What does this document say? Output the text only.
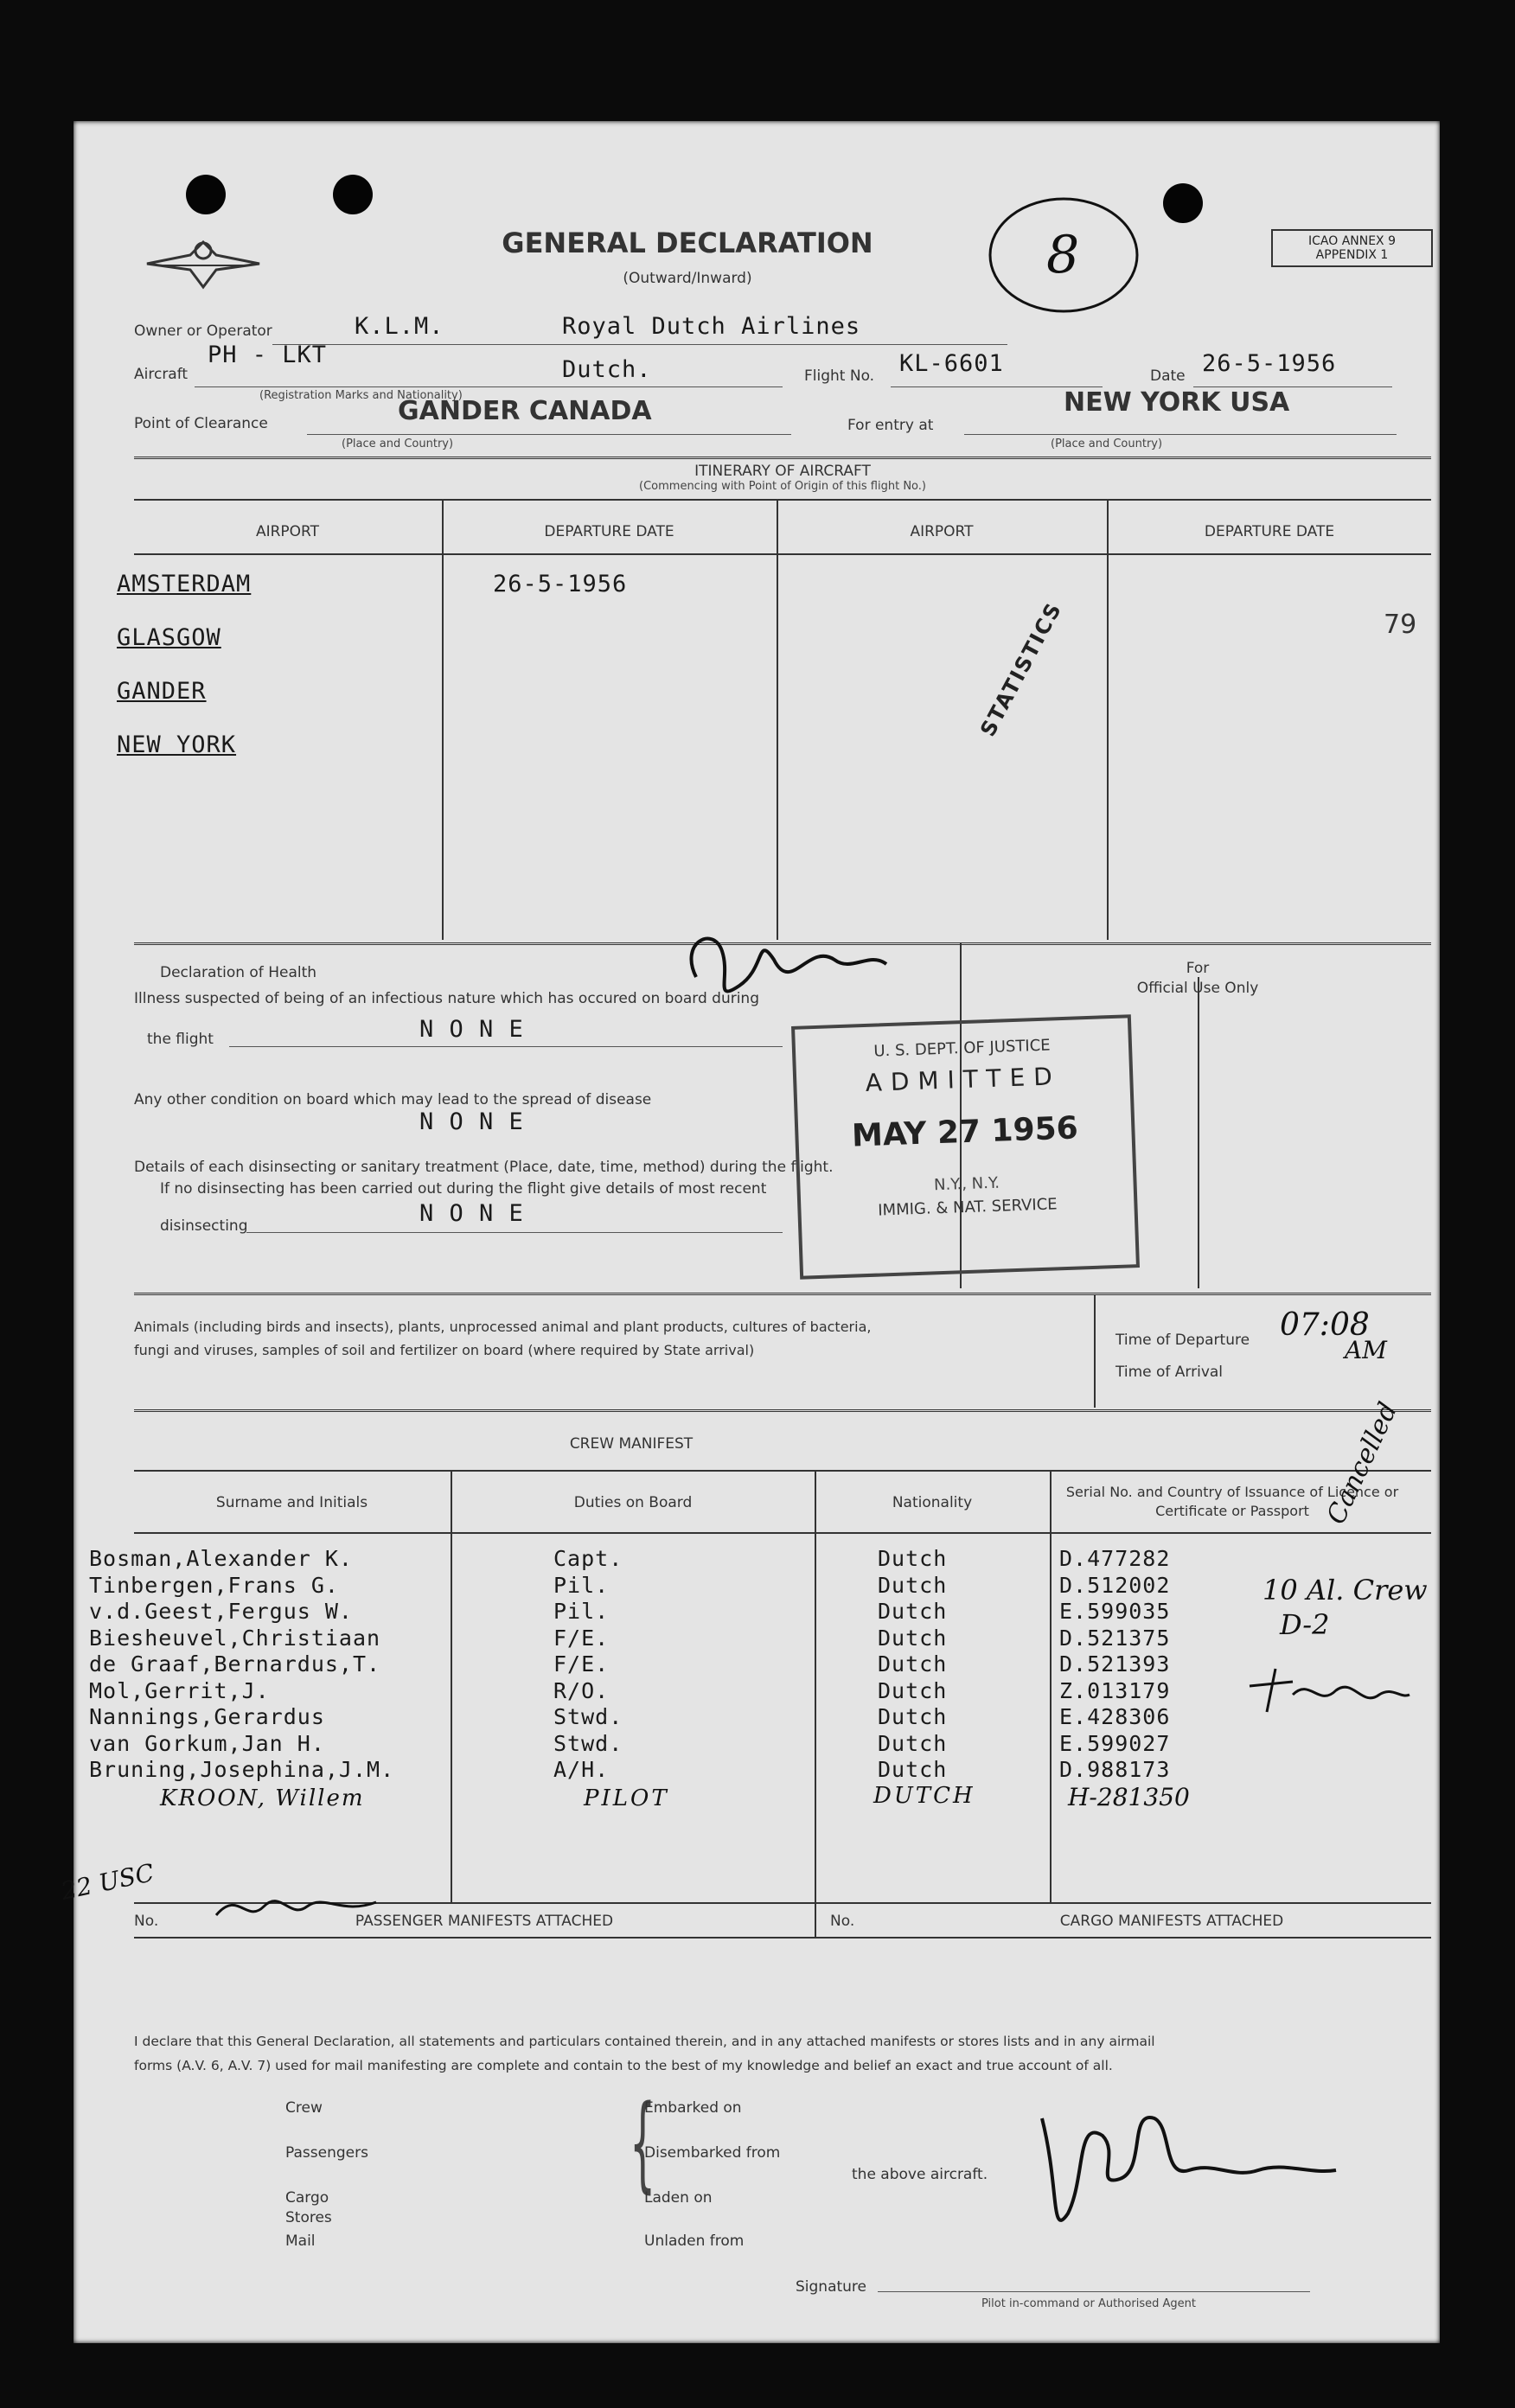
GENERAL DECLARATION
(Outward/Inward)	8	ICAO ANNEX 9 APPENDIX 1
Owner or Operator	K.L.M.	Royal Dutch Airlines
Aircraft
PH - LKT
Dutch.
(Registration Marks and Nationality)
Flight No. KL-6601	Date 26-5-1956
Point of Clearance	GANDER CANADA
(Place and Country)
For entry at
NEW YORK USA
(Place and Country)
ITINERARY OF AIRCRAFT
(Commencing with Point of Origin of this flight No.)
AIRPORT	DEPARTURE DATE	AIRPORT	DEPARTURE DATE
AMSTERDAM
GLASGOW
GANDER
NEW YORK
26-5-1956
STATISTICS	79
Declaration of Health
Illness suspected of being of an infectious nature which has occured on board during
the flight	N O N E
Any other condition on board which may lead to the spread of disease
N O N E
Details of each disinsecting or sanitary treatment (Place, date, time, method) during the flight.
If no disinsecting has been carried out during the flight give details of most recent
disinsecting	N O N E
For
Official Use Only
U. S. DEPT. OF JUSTICE
ADMITTED
MAY 27 1956
N.Y., N.Y.
IMMIG. & NAT. SERVICE
Animals (including birds and insects), plants, unprocessed animal and plant products, cultures of bacteria,
fungi and viruses, samples of soil and fertilizer on board (where required by State arrival)
Time of Departure 07:08
AM
Time of Arrival
CREW MANIFEST
Surname and Initials	Duties on Board	Nationality
Serial No. and Country of Issuance of Licence or Certificate or Passport
Bosman,Alexander K.	Capt.	Dutch	D.477282
Tinbergen,Frans G.	Pil.	Dutch	D.512002
v.d.Geest,Fergus W.	Pil.	Dutch	E.599035
Biesheuvel,Christiaan	F/E.	Dutch	D.521375
de Graaf,Bernardus,T.	F/E.	Dutch	D.521393
Mol,Gerrit,J.	R/O.	Dutch	Z.013179
Nannings,Gerardus	Stwd.	Dutch	E.428306
van Gorkum,Jan H.	Stwd.	Dutch	E.599027
Bruning,Josephina,J.M.	A/H.	Dutch	D.988173
KROON, Willem	PILOT	DUTCH	H-281350
Cancelled
10 Al. Crew
D-2
22 USC
No.	PASSENGER MANIFESTS ATTACHED	No.	CARGO MANIFESTS ATTACHED
I declare that this General Declaration, all statements and particulars contained therein, and in any attached manifests or stores lists and in any airmail
forms (A.V. 6, A.V. 7) used for mail manifesting are complete and contain to the best of my knowledge and belief an exact and true account of all.
Crew
Passengers
Cargo
Stores
Mail
{
Embarked on
Disembarked from
Laden on
Unladen from
the above aircraft.
Signature
Pilot in-command or Authorised Agent
